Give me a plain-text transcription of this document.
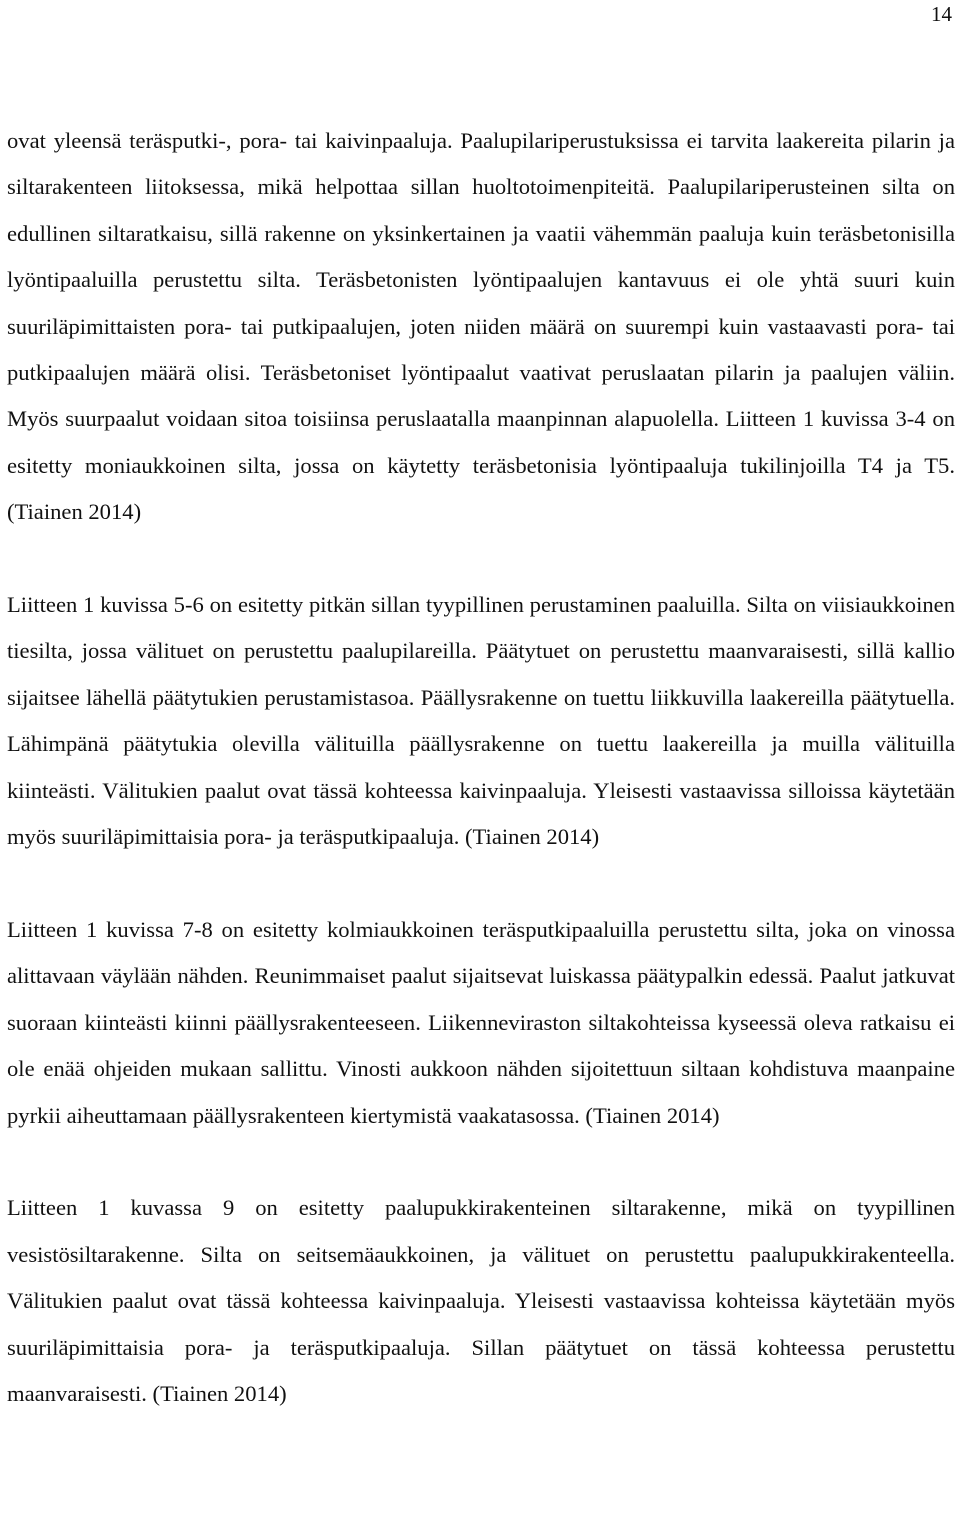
14

ovat yleensä teräsputki-, pora- tai kaivinpaaluja. Paalupilariperustuksissa ei tarvita laakereita pilarin ja siltarakenteen liitoksessa, mikä helpottaa sillan huoltotoimenpiteitä. Paalupilariperusteinen silta on edullinen siltaratkaisu, sillä rakenne on yksinkertainen ja vaatii vähemmän paaluja kuin teräsbetonisilla lyöntipaaluilla perustettu silta. Teräsbetonisten lyöntipaalujen kantavuus ei ole yhtä suuri kuin suuriläpimittaisten pora- tai putkipaalujen, joten niiden määrä on suurempi kuin vastaavasti pora- tai putkipaalujen määrä olisi. Teräsbetoniset lyöntipaalut vaativat peruslaatan pilarin ja paalujen väliin. Myös suurpaalut voidaan sitoa toisiinsa peruslaatalla maanpinnan alapuolella. Liitteen 1 kuvissa 3-4 on esitetty moniaukkoinen silta, jossa on käytetty teräsbetonisia lyöntipaaluja tukilinjoilla T4 ja T5. (Tiainen 2014)

Liitteen 1 kuvissa 5-6 on esitetty pitkän sillan tyypillinen perustaminen paaluilla. Silta on viisiaukkoinen tiesilta, jossa välituet on perustettu paalupilareilla. Päätytuet on perustettu maanvaraisesti, sillä kallio sijaitsee lähellä päätytukien perustamistasoa. Päällysrakenne on tuettu liikkuvilla laakereilla päätytuella. Lähimpänä päätytukia olevilla välituilla päällysrakenne on tuettu laakereilla ja muilla välituilla kiinteästi. Välitukien paalut ovat tässä kohteessa kaivinpaaluja. Yleisesti vastaavissa silloissa käytetään myös suuriläpimittaisia pora- ja teräsputkipaaluja. (Tiainen 2014)

Liitteen 1 kuvissa 7-8 on esitetty kolmiaukkoinen teräsputkipaaluilla perustettu silta, joka on vinossa alittavaan väylään nähden. Reunimmaiset paalut sijaitsevat luiskassa päätypalkin edessä. Paalut jatkuvat suoraan kiinteästi kiinni päällysrakenteeseen. Liikenneviraston siltakohteissa kyseessä oleva ratkaisu ei ole enää ohjeiden mukaan sallittu. Vinosti aukkoon nähden sijoitettuun siltaan kohdistuva maanpaine pyrkii aiheuttamaan päällysrakenteen kiertymistä vaakatasossa. (Tiainen 2014)

Liitteen 1 kuvassa 9 on esitetty paalupukkirakenteinen siltarakenne, mikä on tyypillinen vesistösiltarakenne. Silta on seitsemäaukkoinen, ja välituet on perustettu paalupukkirakenteella. Välitukien paalut ovat tässä kohteessa kaivinpaaluja. Yleisesti vastaavissa kohteissa käytetään myös suuriläpimittaisia pora- ja teräsputkipaaluja. Sillan päätytuet on tässä kohteessa perustettu maanvaraisesti. (Tiainen 2014)
